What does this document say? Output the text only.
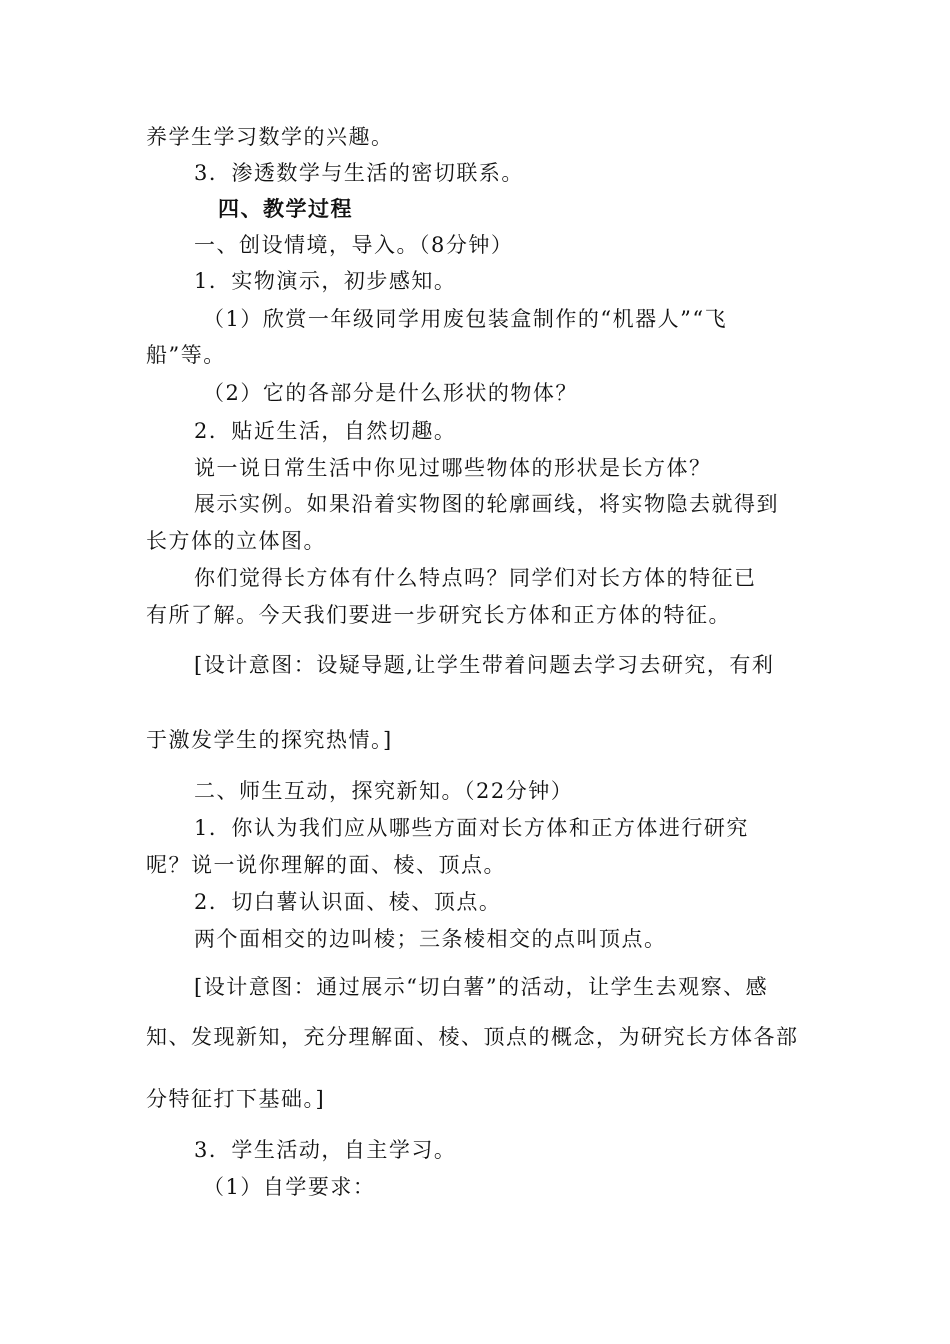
养学生学习数学的兴趣。
3．渗透数学与生活的密切联系。
四、教学过程
一、创设情境，导入。（8分钟）
1．实物演示，初步感知。
（1）欣赏一年级同学用废包装盒制作的“机器人”“飞
船”等。
（2）它的各部分是什么形状的物体？
2．贴近生活，自然切趣。
说一说日常生活中你见过哪些物体的形状是长方体？
展示实例。如果沿着实物图的轮廓画线，将实物隐去就得到
长方体的立体图。
你们觉得长方体有什么特点吗？同学们对长方体的特征已
有所了解。今天我们要进一步研究长方体和正方体的特征。
[设计意图：设疑导题,让学生带着问题去学习去研究，有利
于激发学生的探究热情。]
二、师生互动，探究新知。（22分钟）
1．你认为我们应从哪些方面对长方体和正方体进行研究
呢？说一说你理解的面、棱、顶点。
2．切白薯认识面、棱、顶点。
两个面相交的边叫棱；三条棱相交的点叫顶点。
[设计意图：通过展示“切白薯”的活动，让学生去观察、感
知、发现新知，充分理解面、棱、顶点的概念，为研究长方体各部
分特征打下基础。]
3．学生活动，自主学习。
（1）自学要求：
